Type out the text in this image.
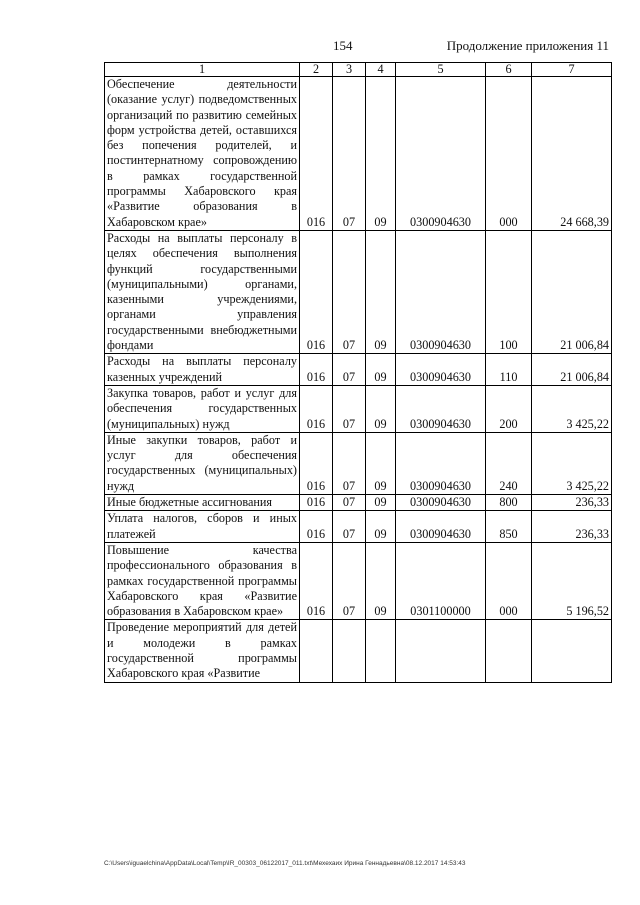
154	Продолжение приложения 11
1	2	3	4	5	6	7
Обеспечение деятельности (оказание услуг) подведомственных организаций по развитию семейных форм устройства детей, оставшихся без попечения родителей, и постинтернатному сопровождению в рамках государственной программы Хабаровского края «Развитие образования в Хабаровском крае»	016	07	09	0300904630	000	24 668,39
Расходы на выплаты персоналу в целях обеспечения выполнения функций государственными (муниципальными) органами, казенными учреждениями, органами управления государственными внебюджетными фондами	016	07	09	0300904630	100	21 006,84
Расходы на выплаты персоналу казенных учреждений	016	07	09	0300904630	110	21 006,84
Закупка товаров, работ и услуг для обеспечения государственных (муниципальных) нужд	016	07	09	0300904630	200	3 425,22
Иные закупки товаров, работ и услуг для обеспечения государственных (муниципальных) нужд	016	07	09	0300904630	240	3 425,22
Иные бюджетные ассигнования	016	07	09	0300904630	800	236,33
Уплата налогов, сборов и иных платежей	016	07	09	0300904630	850	236,33
Повышение качества профессионального образования в рамках государственной программы Хабаровского края «Развитие образования в Хабаровском крае»	016	07	09	0301100000	000	5 196,52
Проведение мероприятий для детей и молодежи в рамках государственной программы Хабаровского края «Развитие						
C:\Users\iguaelchina\AppData\Local\Temp\IR_00303_06122017_011.txt\Мехехаих Ирина Геннадьевна\08.12.2017 14:53:43
